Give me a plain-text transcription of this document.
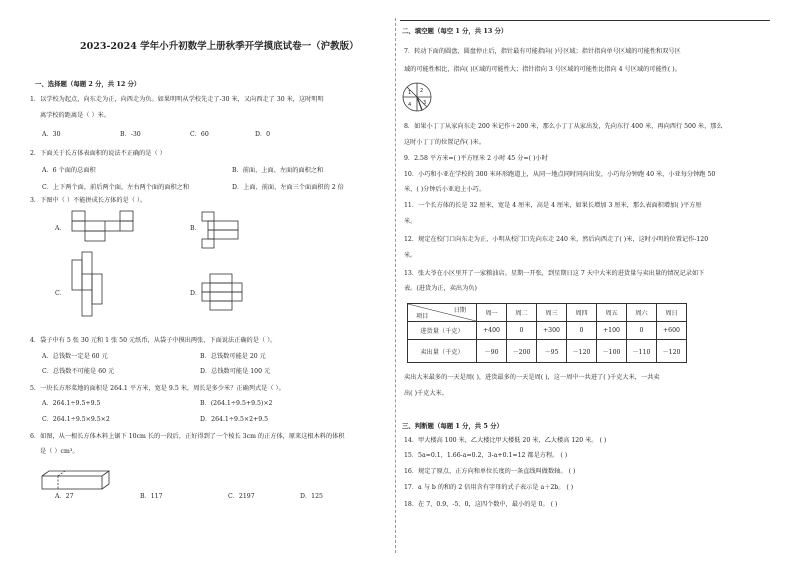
2023-2024 学年小升初数学上册秋季开学摸底试卷一（沪教版）
一、选择题（每题 2 分，共 12 分）
1．以学校为起点，向东走为正，向西走为负。如果明明从学校先走了-30 米，又向西走了 30 米，这时明明
离学校的距离是（ ）米。
A．30	B．-30	C．60	D．0
2．下面关于长方体表面积的说法不正确的是（ ）
A．6 个面的总面积	B．前面、上面、左面的面积之和
C．上下两个面，前后两个面，左右两个面的面积之和	D．上面、前面、左面三个面面积的 2 倍
3．下图中（ ）不能拼成长方体的是（ ）。
A．	B．
C．	D．
4．袋子中有 5 张 30 元和 1 张 50 元纸币，从袋子中摸出两张，下面说法正确的是（ ）。
A．总钱数一定是 60 元	B．总钱数可能是 20 元
C．总钱数不可能是 60 元	D．总钱数可能是 100 元
5．一块长方形菜地的面积是 264.1 平方米，宽是 9.5 米，周长是多少米？正确列式是（ ）。
A．264.1÷9.5+9.5	B．(264.1÷9.5+9.5)×2
C．264.1÷9.5×9.5×2	D．264.1÷9.5×2+9.5
6．如图，从一根长方体木料上锯下 10cm 长的一段后，正好得到了一个棱长 3cm 的正方体，原来这根木料的体积
是（ ）cm³。
A．27	B．117	C．2197	D．125
二、填空题（每空 1 分，共 13 分）
7．转动下面的圆盘，圆盘停止后，指针最有可能指向( )号区域；指针指向单号区域的可能性和双号区
域的可能性相比，指向( )区域的可能性大；指针指向 3 号区域的可能性比指向 4 号区域的可能性( )。
1 2
3
4
8．如果小丁丁从家向东走 200 米记作＋200 米，那么小丁丁从家出发，先向东行 400 米，再向西行 500 米，那么
这时小丁丁的位置记作( )米。
9．2.58 平方米=( )平方厘米 2 小时 45 分=( )小时
10．小巧和小亚在学校的 300 米环形跑道上，从同一地点同时同向出发，小巧每分钟跑 40 米，小亚每分钟跑 50
米，( )分钟后小亚追上小巧。
11．一个长方体的长是 32 厘米，宽是 4 厘米，高是 4 厘米，如果长增加 3 厘米，那么表面积增加( )平方厘
米。
12．规定在校门口向东走为正，小明从校门口先向东走 240 米，然后向西走了( )米，这时小明的位置记作-120
米。
13．张大爷在小区里开了一家粮油店。星期一开张，到星期日这 7 天中大米的进货量与卖出量的情况记录如下
表。(进货为正，卖出为负)
日期
项目	周一	周二	周三	周四	周五	周六	周日
进货量（千克）	+400	0	+300	0	+100	0	+600
卖出量（千克）	－90	－200	－95	－120	－100	－110	－120
卖出大米最多的一天是周( )，进货最多的一天是周( )，这一周中一共进了( )千克大米，一共卖
出( )千克大米。
三、判断题（每题 1 分，共 5 分）
14．甲大楼高 100 米，乙大楼比甲大楼低 20 米，乙大楼高 120 米。 ( )
15．5a=0.1，1.66-a=0.2，3-a+0.1=12 都是方程。 ( )
16．规定了原点、正方向和单位长度的一条直线叫做数轴。 ( )
17．a 与 b 的和的 2 倍用含有字母的式子表示是 a＋2b。 ( )
18．在 7、0.9、-5、0，这四个数中，最小的是 0。 ( )
